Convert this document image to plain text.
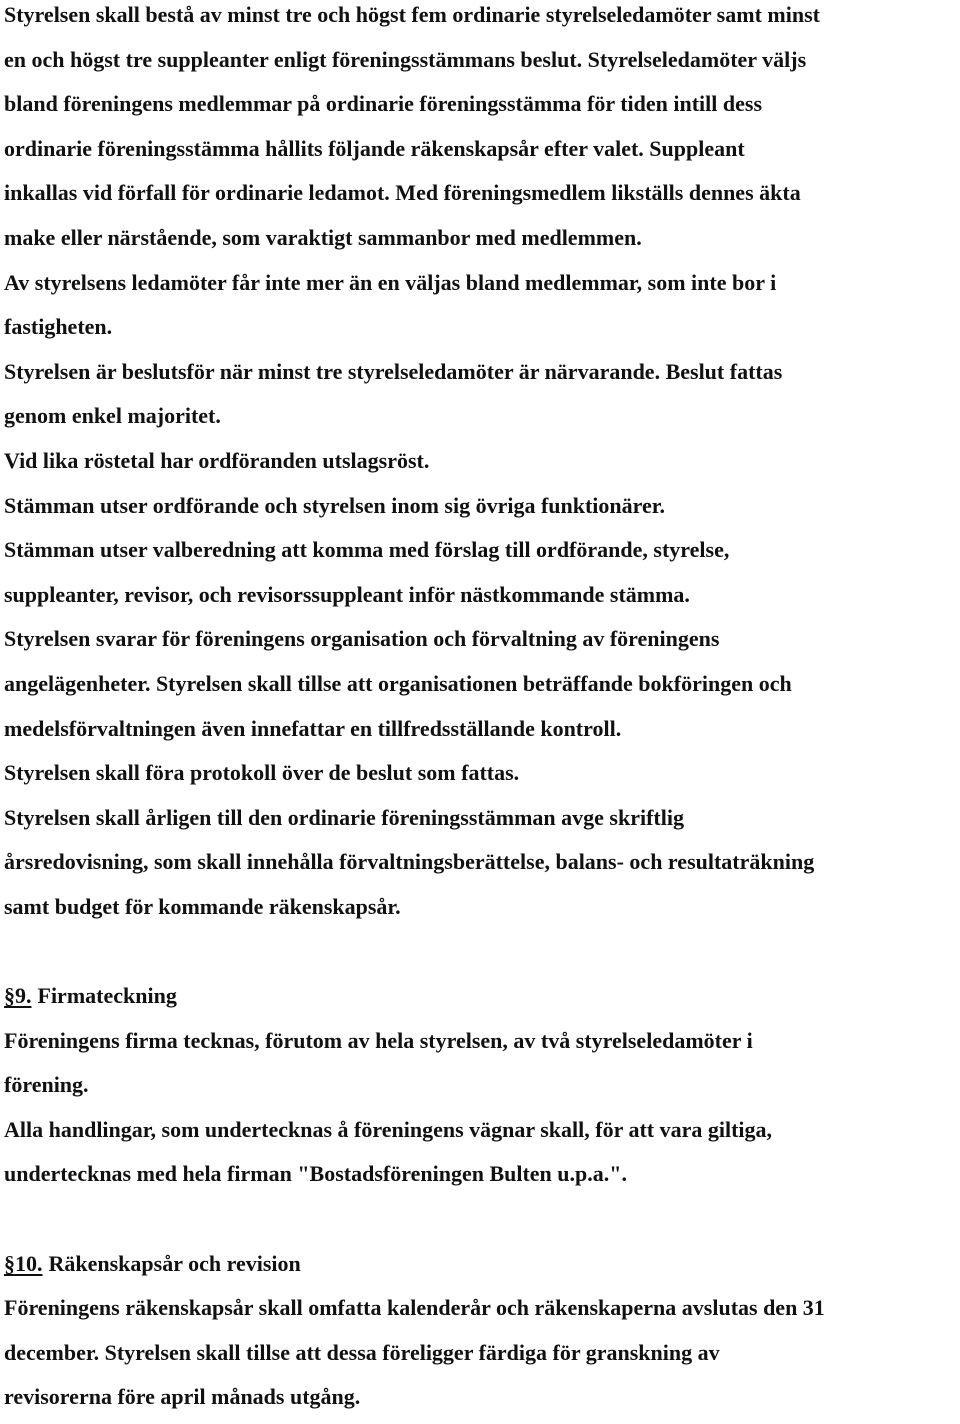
Styrelsen skall bestå av minst tre och högst fem ordinarie styrelseledamöter samt minst
en och högst tre suppleanter enligt föreningsstämmans beslut. Styrelseledamöter väljs
bland föreningens medlemmar på ordinarie föreningsstämma för tiden intill dess
ordinarie föreningsstämma hållits följande räkenskapsår efter valet. Suppleant
inkallas vid förfall för ordinarie ledamot. Med föreningsmedlem likställs dennes äkta
make eller närstående, som varaktigt sammanbor med medlemmen.
Av styrelsens ledamöter får inte mer än en väljas bland medlemmar, som inte bor i
fastigheten.
Styrelsen är beslutsför när minst tre styrelseledamöter är närvarande. Beslut fattas
genom enkel majoritet.
Vid lika röstetal har ordföranden utslagsröst.
Stämman utser ordförande och styrelsen inom sig övriga funktionärer.
Stämman utser valberedning att komma med förslag till ordförande, styrelse,
suppleanter, revisor, och revisorssuppleant inför nästkommande stämma.
Styrelsen svarar för föreningens organisation och förvaltning av föreningens
angelägenheter. Styrelsen skall tillse att organisationen beträffande bokföringen och
medelsförvaltningen även innefattar en tillfredsställande kontroll.
Styrelsen skall föra protokoll över de beslut som fattas.
Styrelsen skall årligen till den ordinarie föreningsstämman avge skriftlig
årsredovisning, som skall innehålla förvaltningsberättelse, balans- och resultaträkning
samt budget för kommande räkenskapsår.
§9. Firmateckning
Föreningens firma tecknas, förutom av hela styrelsen, av två styrelseledamöter i
förening.
Alla handlingar, som undertecknas å föreningens vägnar skall, för att vara giltiga,
undertecknas med hela firman "Bostadsföreningen Bulten u.p.a.".
§10. Räkenskapsår och revision
Föreningens räkenskapsår skall omfatta kalenderår och räkenskaperna avslutas den 31
december. Styrelsen skall tillse att dessa föreligger färdiga för granskning av
revisorerna före april månads utgång.
